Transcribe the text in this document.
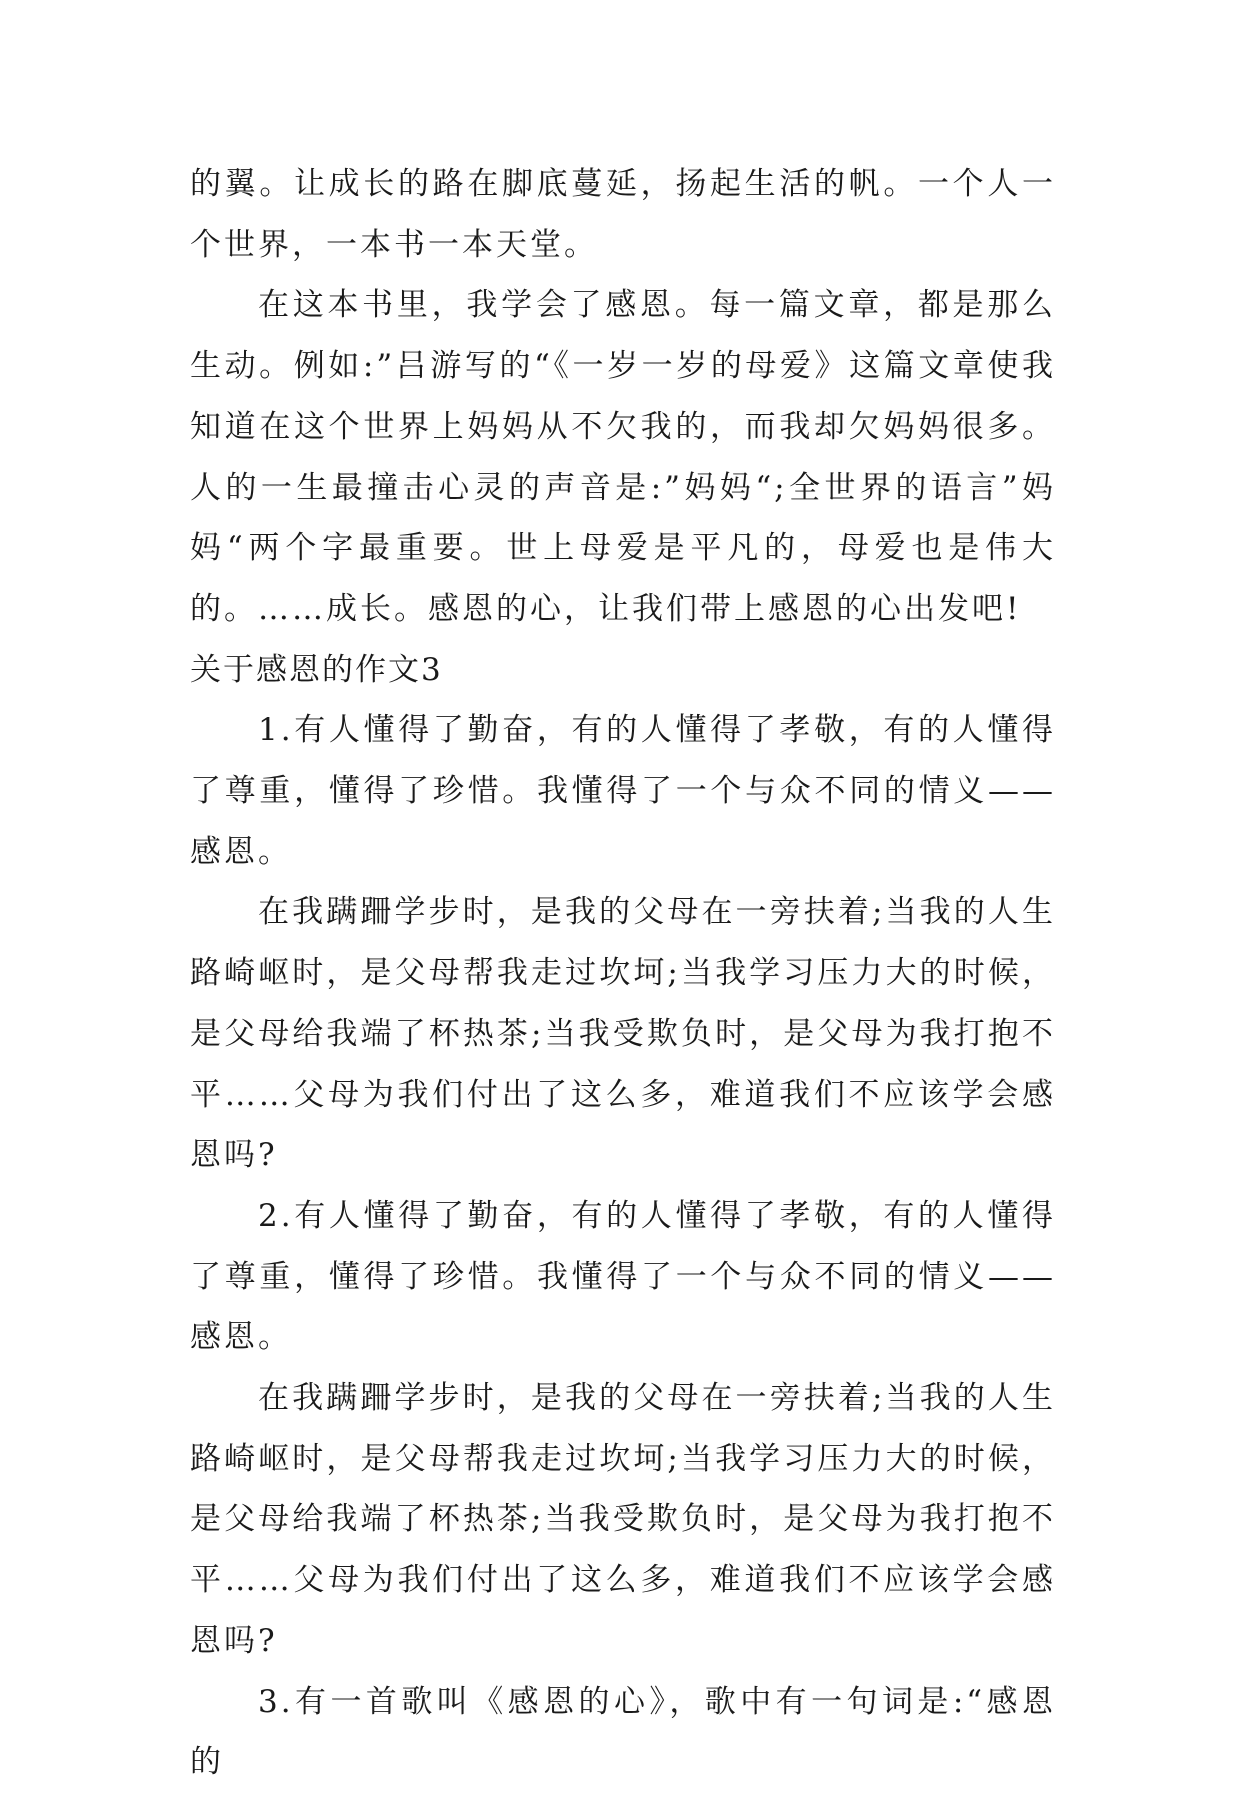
的翼。让成长的路在脚底蔓延，扬起生活的帆。一个人一个世界，一本书一本天堂。

在这本书里，我学会了感恩。每一篇文章，都是那么生动。例如:”吕游写的“《一岁一岁的母爱》这篇文章使我知道在这个世界上妈妈从不欠我的，而我却欠妈妈很多。人的一生最撞击心灵的声音是:”妈妈“;全世界的语言”妈妈“两个字最重要。世上母爱是平凡的，母爱也是伟大的。……成长。感恩的心，让我们带上感恩的心出发吧!

关于感恩的作文3

1.有人懂得了勤奋，有的人懂得了孝敬，有的人懂得了尊重，懂得了珍惜。我懂得了一个与众不同的情义——感恩。

在我蹒跚学步时，是我的父母在一旁扶着;当我的人生路崎岖时，是父母帮我走过坎坷;当我学习压力大的时候，是父母给我端了杯热茶;当我受欺负时，是父母为我打抱不平……父母为我们付出了这么多，难道我们不应该学会感恩吗?

2.有人懂得了勤奋，有的人懂得了孝敬，有的人懂得了尊重，懂得了珍惜。我懂得了一个与众不同的情义——感恩。

在我蹒跚学步时，是我的父母在一旁扶着;当我的人生路崎岖时，是父母帮我走过坎坷;当我学习压力大的时候，是父母给我端了杯热茶;当我受欺负时，是父母为我打抱不平……父母为我们付出了这么多，难道我们不应该学会感恩吗?

3.有一首歌叫《感恩的心》，歌中有一句词是:“感恩的
